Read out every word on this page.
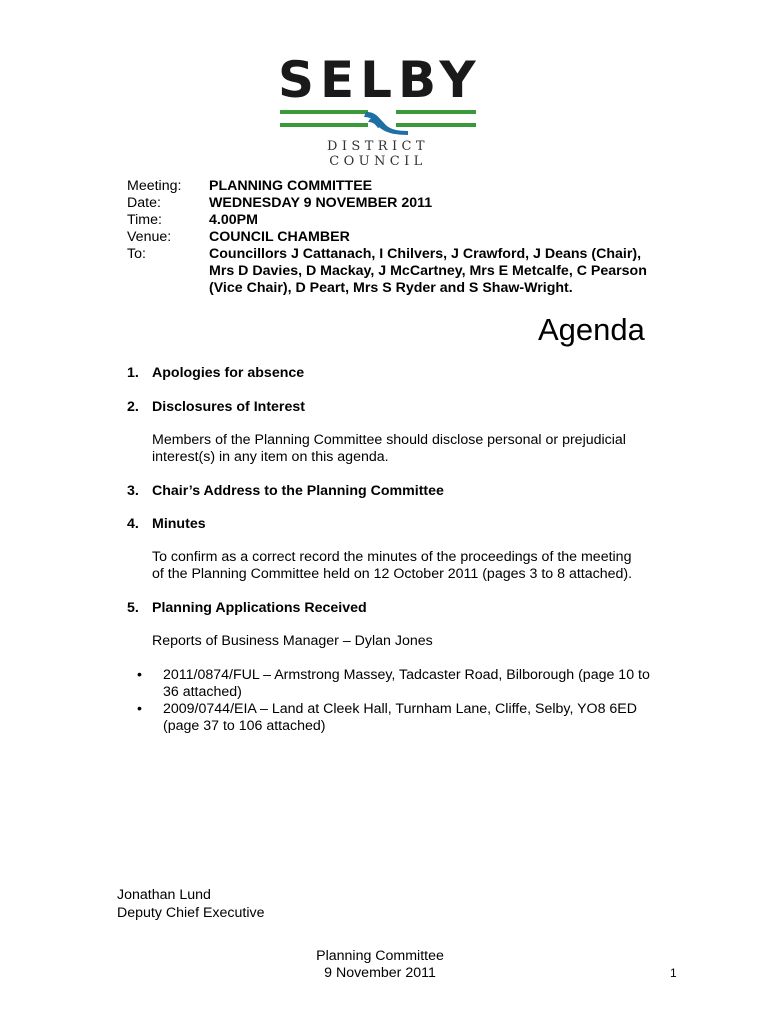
SELBY
DISTRICT COUNCIL
Meeting:	PLANNING COMMITTEE
Date:	WEDNESDAY 9 NOVEMBER 2011
Time:	4.00PM
Venue:	COUNCIL CHAMBER
To:	Councillors J Cattanach, I Chilvers, J Crawford, J Deans (Chair), Mrs D Davies, D Mackay, J McCartney, Mrs E Metcalfe, C Pearson (Vice Chair), D Peart, Mrs S Ryder and S Shaw-Wright.
Agenda
1. Apologies for absence
2. Disclosures of Interest
Members of the Planning Committee should disclose personal or prejudicial interest(s) in any item on this agenda.
3. Chair’s Address to the Planning Committee
4. Minutes
To confirm as a correct record the minutes of the proceedings of the meeting of the Planning Committee held on 12 October 2011 (pages 3 to 8 attached).
5. Planning Applications Received
Reports of Business Manager – Dylan Jones
•	2011/0874/FUL – Armstrong Massey, Tadcaster Road, Bilborough (page 10 to 36 attached)
•	2009/0744/EIA – Land at Cleek Hall, Turnham Lane, Cliffe, Selby, YO8 6ED (page 37 to 106 attached)
Jonathan Lund
Deputy Chief Executive
Planning Committee
9 November 2011	1
